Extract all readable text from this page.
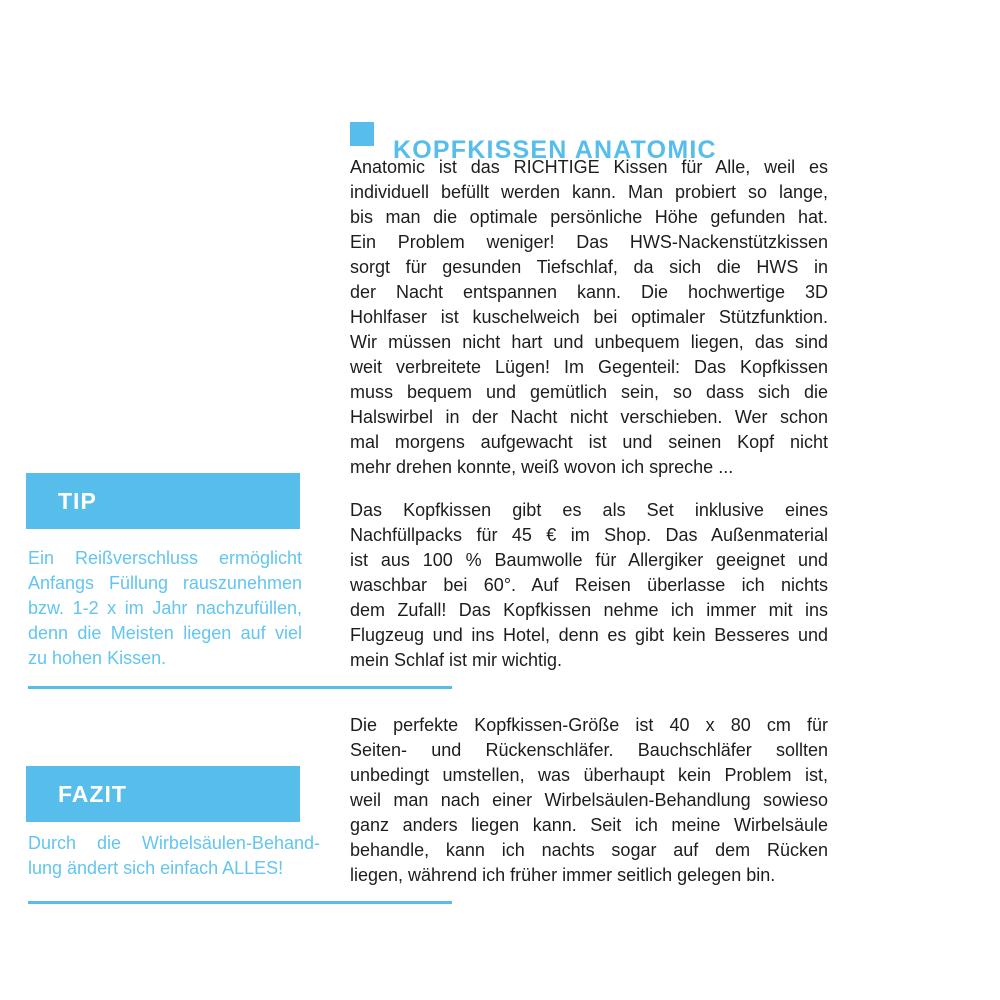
KOPFKISSEN ANATOMIC
Anatomic ist das RICHTIGE Kissen für Alle, weil es
individuell befüllt werden kann. Man probiert so lange,
bis man die optimale persönliche Höhe gefunden hat.
Ein Problem weniger! Das HWS-Nackenstützkissen
sorgt für gesunden Tiefschlaf, da sich die HWS in
der Nacht entspannen kann. Die hochwertige 3D
Hohlfaser ist kuschelweich bei optimaler Stützfunktion.
Wir müssen nicht hart und unbequem liegen, das sind
weit verbreitete Lügen! Im Gegenteil: Das Kopfkissen
muss bequem und gemütlich sein, so dass sich die
Halswirbel in der Nacht nicht verschieben. Wer schon
mal morgens aufgewacht ist und seinen Kopf nicht
mehr drehen konnte, weiß wovon ich spreche ...
Das Kopfkissen gibt es als Set inklusive eines
Nachfüllpacks für 45 € im Shop. Das Außenmaterial
ist aus 100 % Baumwolle für Allergiker geeignet und
waschbar bei 60°. Auf Reisen überlasse ich nichts
dem Zufall! Das Kopfkissen nehme ich immer mit ins
Flugzeug und ins Hotel, denn es gibt kein Besseres und
mein Schlaf ist mir wichtig.
Die perfekte Kopfkissen-Größe ist 40 x 80 cm für
Seiten- und Rückenschläfer. Bauchschläfer sollten
unbedingt umstellen, was überhaupt kein Problem ist,
weil man nach einer Wirbelsäulen-Behandlung sowieso
ganz anders liegen kann. Seit ich meine Wirbelsäule
behandle, kann ich nachts sogar auf dem Rücken
liegen, während ich früher immer seitlich gelegen bin.
TIP
Ein Reißverschluss ermöglicht
Anfangs Füllung rauszunehmen
bzw. 1-2 x im Jahr nachzufüllen,
denn die Meisten liegen auf viel
zu hohen Kissen.
FAZIT
Durch die Wirbelsäulen-Behand-
lung ändert sich einfach ALLES!
